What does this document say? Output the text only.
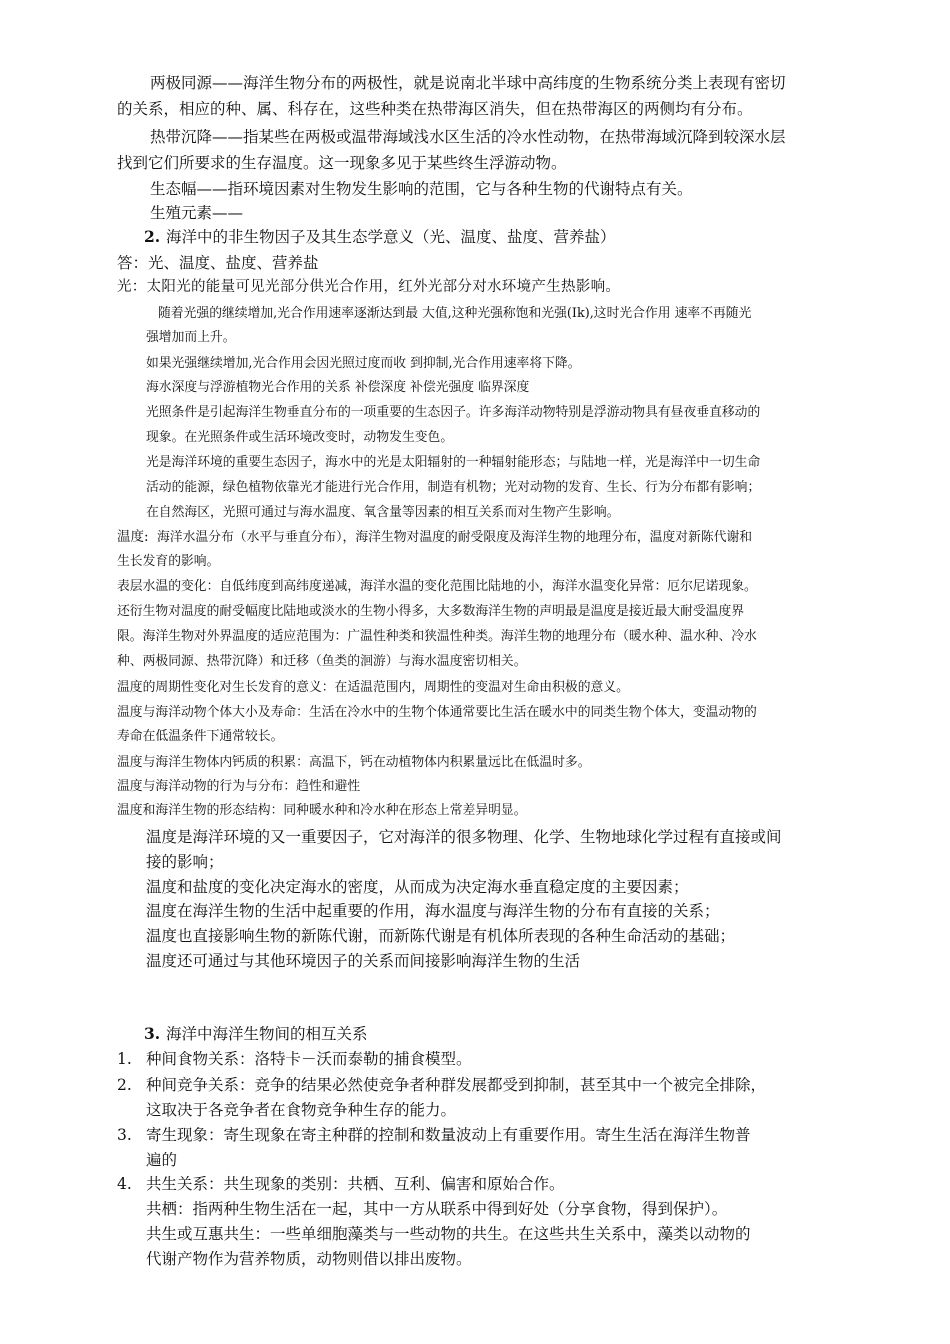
两极同源——海洋生物分布的两极性，就是说南北半球中高纬度的生物系统分类上表现有密切
的关系，相应的种、属、科存在，这些种类在热带海区消失，但在热带海区的两侧均有分布。
热带沉降——指某些在两极或温带海域浅水区生活的冷水性动物，在热带海域沉降到较深水层
找到它们所要求的生存温度。这一现象多见于某些终生浮游动物。
生态幅——指环境因素对生物发生影响的范围，它与各种生物的代谢特点有关。
生殖元素——
2. 海洋中的非生物因子及其生态学意义（光、温度、盐度、营养盐）
答：光、温度、盐度、营养盐
光：太阳光的能量可见光部分供光合作用，红外光部分对水环境产生热影响。
随着光强的继续增加,光合作用速率逐渐达到最 大值,这种光强称饱和光强(Ik),这时光合作用 速率不再随光
强增加而上升。
如果光强继续增加,光合作用会因光照过度而收 到抑制,光合作用速率将下降。
海水深度与浮游植物光合作用的关系 补偿深度 补偿光强度 临界深度
光照条件是引起海洋生物垂直分布的一项重要的生态因子。许多海洋动物特别是浮游动物具有昼夜垂直移动的
现象。在光照条件或生活环境改变时，动物发生变色。
光是海洋环境的重要生态因子，海水中的光是太阳辐射的一种辐射能形态；与陆地一样，光是海洋中一切生命
活动的能源，绿色植物依靠光才能进行光合作用，制造有机物；光对动物的发育、生长、行为分布都有影响；
在自然海区，光照可通过与海水温度、氧含量等因素的相互关系而对生物产生影响。
温度: 海洋水温分布（水平与垂直分布），海洋生物对温度的耐受限度及海洋生物的地理分布，温度对新陈代谢和
生长发育的影响。
表层水温的变化：自低纬度到高纬度递减，海洋水温的变化范围比陆地的小，海洋水温变化异常：厄尔尼诺现象。
还衍生物对温度的耐受幅度比陆地或淡水的生物小得多，大多数海洋生物的声明最是温度是接近最大耐受温度界
限。海洋生物对外界温度的适应范围为：广温性种类和狭温性种类。海洋生物的地理分布（暖水种、温水种、冷水
种、两极同源、热带沉降）和迁移（鱼类的洄游）与海水温度密切相关。
温度的周期性变化对生长发育的意义：在适温范围内，周期性的变温对生命由积极的意义。
温度与海洋动物个体大小及寿命：生活在冷水中的生物个体通常要比生活在暖水中的同类生物个体大，变温动物的
寿命在低温条件下通常较长。
温度与海洋生物体内钙质的积累：高温下，钙在动植物体内积累量远比在低温时多。
温度与海洋动物的行为与分布：趋性和避性
温度和海洋生物的形态结构：同种暖水种和冷水种在形态上常差异明显。
温度是海洋环境的又一重要因子，它对海洋的很多物理、化学、生物地球化学过程有直接或间
接的影响；
温度和盐度的变化决定海水的密度，从而成为决定海水垂直稳定度的主要因素；
温度在海洋生物的生活中起重要的作用，海水温度与海洋生物的分布有直接的关系；
温度也直接影响生物的新陈代谢，而新陈代谢是有机体所表现的各种生命活动的基础；
温度还可通过与其他环境因子的关系而间接影响海洋生物的生活
3. 海洋中海洋生物间的相互关系
1. 种间食物关系：洛特卡－沃而泰勒的捕食模型。
2. 种间竞争关系：竞争的结果必然使竞争者种群发展都受到抑制，甚至其中一个被完全排除，
这取决于各竞争者在食物竞争种生存的能力。
3. 寄生现象：寄生现象在寄主种群的控制和数量波动上有重要作用。寄生生活在海洋生物普
遍的
4. 共生关系：共生现象的类别：共栖、互利、偏害和原始合作。
共栖：指两种生物生活在一起，其中一方从联系中得到好处（分享食物，得到保护）。
共生或互惠共生：一些单细胞藻类与一些动物的共生。在这些共生关系中，藻类以动物的
代谢产物作为营养物质，动物则借以排出废物。
